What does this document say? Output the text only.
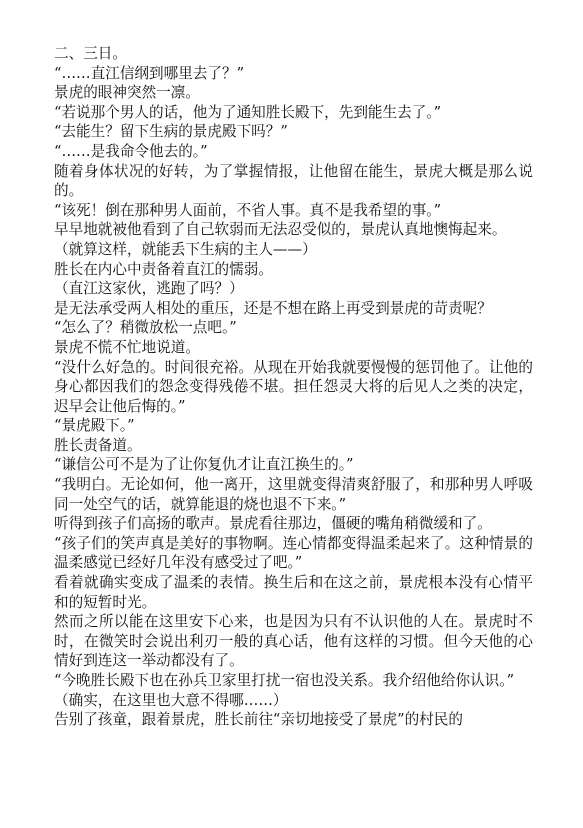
二、三日。

“……直江信纲到哪里去了？”

景虎的眼神突然一凛。

“若说那个男人的话，他为了通知胜长殿下，先到能生去了。”

“去能生？留下生病的景虎殿下吗？”

“……是我命令他去的。”

随着身体状况的好转，为了掌握情报，让他留在能生，景虎大概是那么说的。

“该死！倒在那种男人面前，不省人事。真不是我希望的事。”

早早地就被他看到了自己软弱而无法忍受似的，景虎认真地懊悔起来。

（就算这样，就能丢下生病的主人——）

胜长在内心中责备着直江的懦弱。

（直江这家伙，逃跑了吗？）

是无法承受两人相处的重压，还是不想在路上再受到景虎的苛责呢？

“怎么了？稍微放松一点吧。”

景虎不慌不忙地说道。

“没什么好急的。时间很充裕。从现在开始我就要慢慢的惩罚他了。让他的身心都因我们的怨念变得残倦不堪。担任怨灵大将的后见人之类的决定，迟早会让他后悔的。”

“景虎殿下。”

胜长责备道。

“谦信公可不是为了让你复仇才让直江换生的。”

“我明白。无论如何，他一离开，这里就变得清爽舒服了，和那种男人呼吸同一处空气的话，就算能退的烧也退不下来。”

听得到孩子们高扬的歌声。景虎看往那边，僵硬的嘴角稍微缓和了。

“孩子们的笑声真是美好的事物啊。连心情都变得温柔起来了。这种情景的温柔感觉已经好几年没有感受过了吧。”

看着就确实变成了温柔的表情。换生后和在这之前，景虎根本没有心情平和的短暂时光。

然而之所以能在这里安下心来，也是因为只有不认识他的人在。景虎时不时，在微笑时会说出利刃一般的真心话，他有这样的习惯。但今天他的心情好到连这一举动都没有了。

“今晚胜长殿下也在孙兵卫家里打扰一宿也没关系。我介绍他给你认识。”

（确实，在这里也大意不得哪……）

告别了孩童，跟着景虎，胜长前往“亲切地接受了景虎”的村民的
